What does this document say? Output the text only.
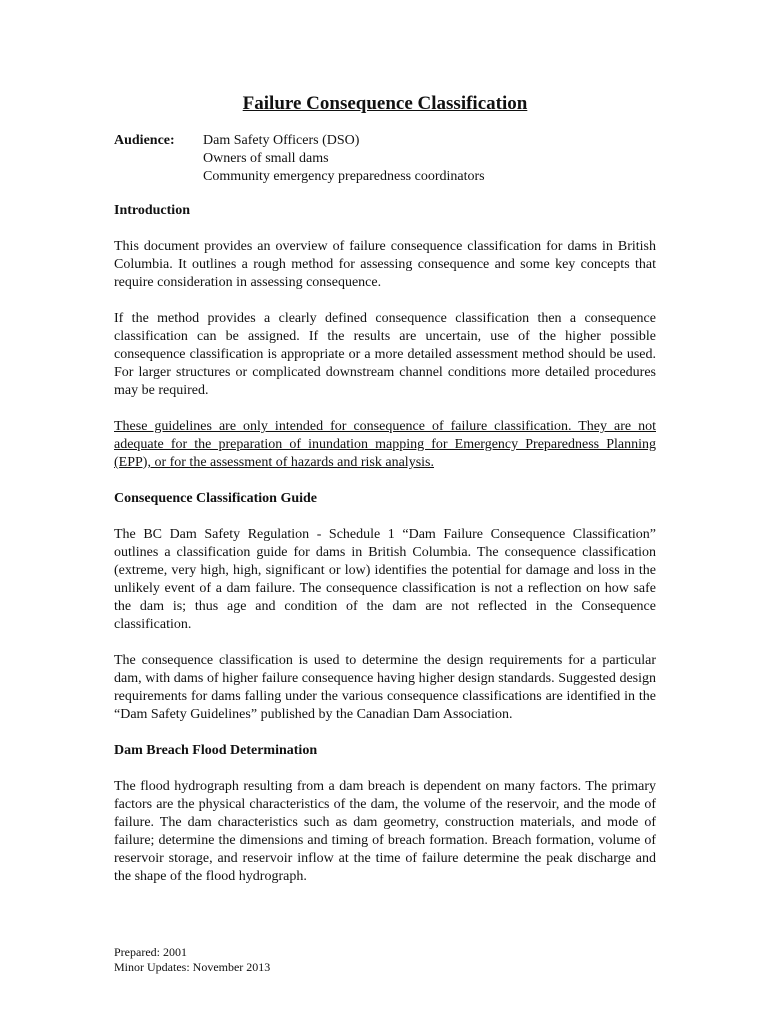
Failure Consequence Classification
Audience:	Dam Safety Officers (DSO)
Owners of small dams
Community emergency preparedness coordinators
Introduction

This document provides an overview of failure consequence classification for dams in British Columbia. It outlines a rough method for assessing consequence and some key concepts that require consideration in assessing consequence.

If the method provides a clearly defined consequence classification then a consequence classification can be assigned. If the results are uncertain, use of the higher possible consequence classification is appropriate or a more detailed assessment method should be used. For larger structures or complicated downstream channel conditions more detailed procedures may be required.

These guidelines are only intended for consequence of failure classification. They are not adequate for the preparation of inundation mapping for Emergency Preparedness Planning (EPP), or for the assessment of hazards and risk analysis.

Consequence Classification Guide

The BC Dam Safety Regulation - Schedule 1 “Dam Failure Consequence Classification” outlines a classification guide for dams in British Columbia. The consequence classification (extreme, very high, high, significant or low) identifies the potential for damage and loss in the unlikely event of a dam failure. The consequence classification is not a reflection on how safe the dam is; thus age and condition of the dam are not reflected in the Consequence classification.

The consequence classification is used to determine the design requirements for a particular dam, with dams of higher failure consequence having higher design standards. Suggested design requirements for dams falling under the various consequence classifications are identified in the “Dam Safety Guidelines” published by the Canadian Dam Association.

Dam Breach Flood Determination

The flood hydrograph resulting from a dam breach is dependent on many factors. The primary factors are the physical characteristics of the dam, the volume of the reservoir, and the mode of failure. The dam characteristics such as dam geometry, construction materials, and mode of failure; determine the dimensions and timing of breach formation. Breach formation, volume of reservoir storage, and reservoir inflow at the time of failure determine the peak discharge and the shape of the flood hydrograph.

Prepared: 2001
Minor Updates: November 2013
